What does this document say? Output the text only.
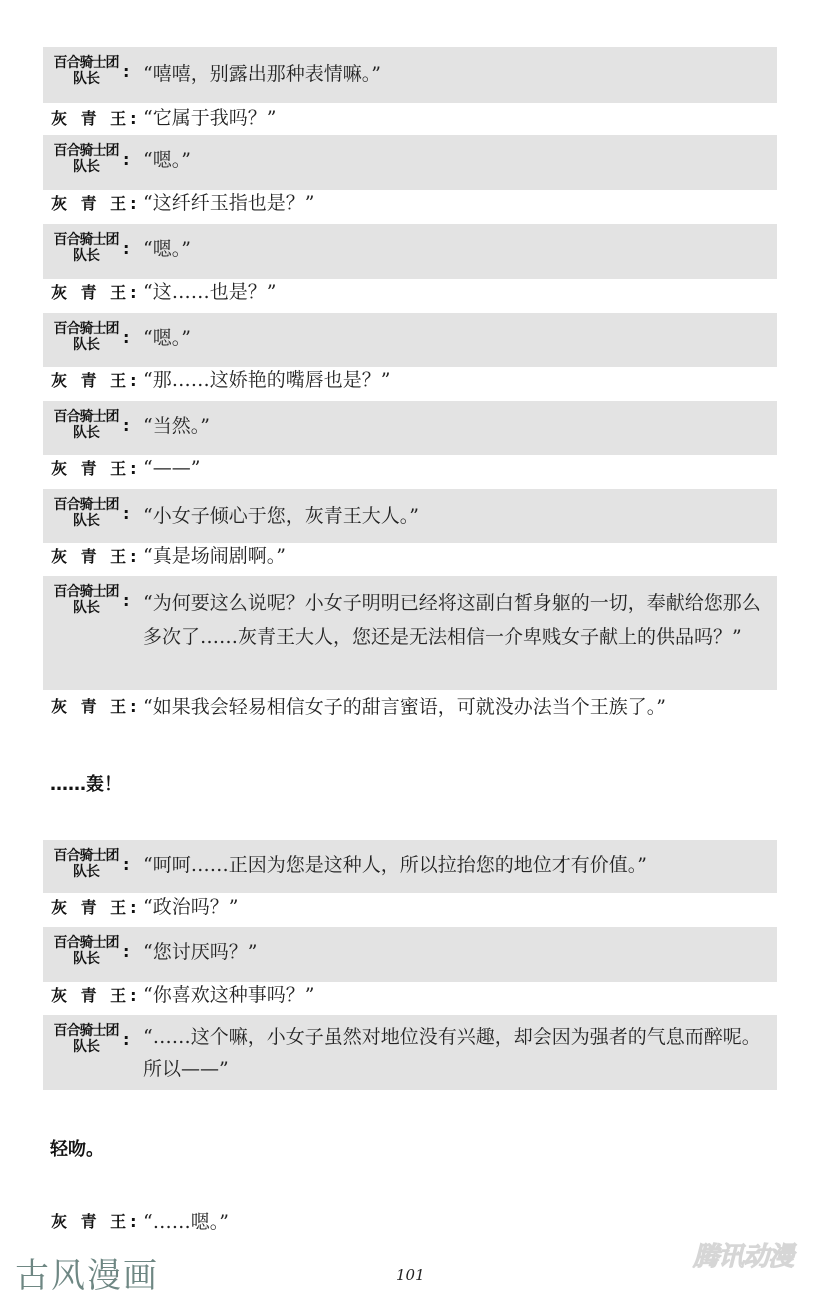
百合骑士团
队长	: “嘻嘻，别露出那种表情嘛。”
灰 青 王: “它属于我吗？”
百合骑士团
队长	: “嗯。”
灰 青 王: “这纤纤玉指也是？”
百合骑士团
队长	: “嗯。”
灰 青 王: “这……也是？”
百合骑士团
队长	: “嗯。”
灰 青 王: “那……这娇艳的嘴唇也是？”
百合骑士团
队长	: “当然。”
灰 青 王: “——”
百合骑士团
队长	: “小女子倾心于您，灰青王大人。”
灰 青 王: “真是场闹剧啊。”
百合骑士团
队长	: “为何要这么说呢？小女子明明已经将这副白皙身躯的一切，奉献给您那么多次了……灰青王大人，您还是无法相信一介卑贱女子献上的供品吗？”
灰 青 王: “如果我会轻易相信女子的甜言蜜语，可就没办法当个王族了。”
……轰！
百合骑士团
队长	: “呵呵……正因为您是这种人，所以拉抬您的地位才有价值。”
灰 青 王: “政治吗？”
百合骑士团
队长	: “您讨厌吗？”
灰 青 王: “你喜欢这种事吗？”
百合骑士团
队长	: “……这个嘛，小女子虽然对地位没有兴趣，却会因为强者的气息而醉呢。所以——”
轻吻。
灰 青 王: “……嗯。”
古风漫画	101
腾讯动漫
